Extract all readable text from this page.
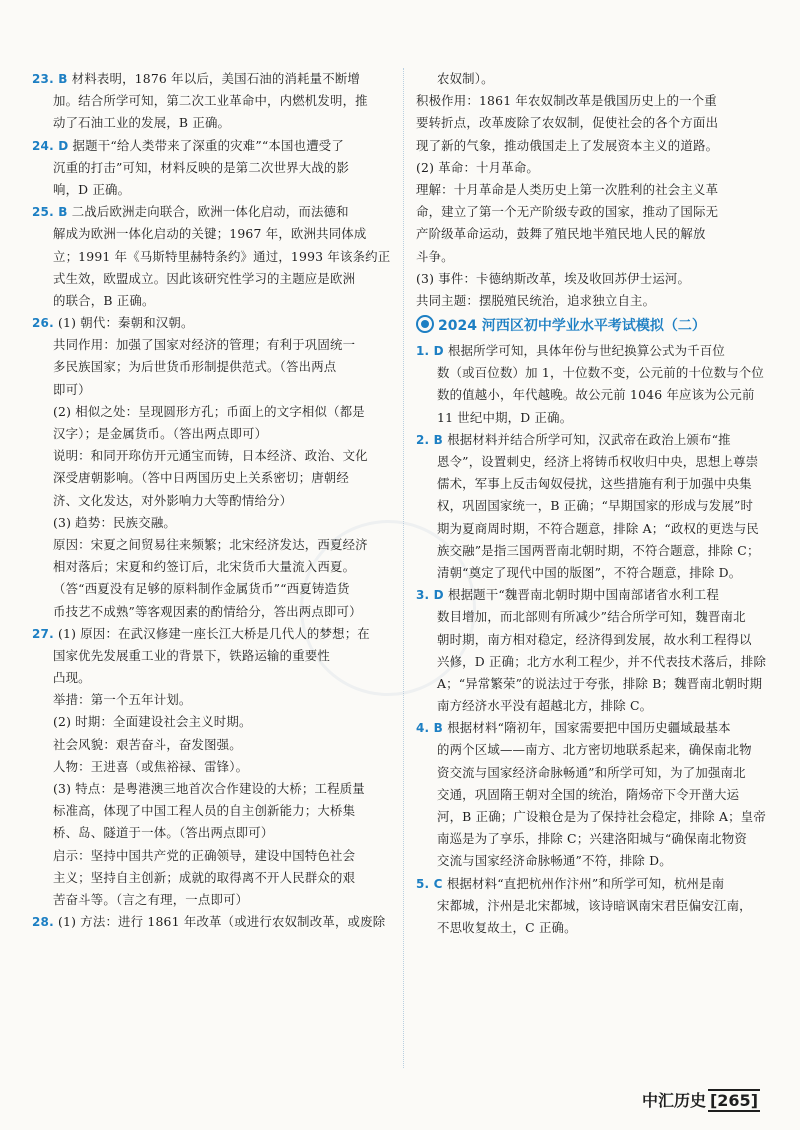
23. B 材料表明，1876 年以后，美国石油的消耗量不断增
加。结合所学可知，第二次工业革命中，内燃机发明，推
动了石油工业的发展，B 正确。
24. D 据题干“给人类带来了深重的灾难”“本国也遭受了
沉重的打击”可知，材料反映的是第二次世界大战的影
响，D 正确。
25. B 二战后欧洲走向联合，欧洲一体化启动，而法德和
解成为欧洲一体化启动的关键；1967 年，欧洲共同体成
立；1991 年《马斯特里赫特条约》通过，1993 年该条约正
式生效，欧盟成立。因此该研究性学习的主题应是欧洲
的联合，B 正确。
26. (1) 朝代：秦朝和汉朝。
共同作用：加强了国家对经济的管理；有利于巩固统一
多民族国家；为后世货币形制提供范式。（答出两点
即可）
(2) 相似之处：呈现圆形方孔；币面上的文字相似（都是
汉字）；是金属货币。（答出两点即可）
说明：和同开珎仿开元通宝而铸，日本经济、政治、文化
深受唐朝影响。（答中日两国历史上关系密切；唐朝经
济、文化发达，对外影响力大等酌情给分）
(3) 趋势：民族交融。
原因：宋夏之间贸易往来频繁；北宋经济发达，西夏经济
相对落后；宋夏和约签订后，北宋货币大量流入西夏。
（答“西夏没有足够的原料制作金属货币”“西夏铸造货
币技艺不成熟”等客观因素的酌情给分，答出两点即可）
27. (1) 原因：在武汉修建一座长江大桥是几代人的梦想；在
国家优先发展重工业的背景下，铁路运输的重要性
凸现。
举措：第一个五年计划。
(2) 时期：全面建设社会主义时期。
社会风貌：艰苦奋斗，奋发图强。
人物：王进喜（或焦裕禄、雷锋）。
(3) 特点：是粤港澳三地首次合作建设的大桥；工程质量
标准高，体现了中国工程人员的自主创新能力；大桥集
桥、岛、隧道于一体。（答出两点即可）
启示：坚持中国共产党的正确领导，建设中国特色社会
主义；坚持自主创新；成就的取得离不开人民群众的艰
苦奋斗等。（言之有理，一点即可）
28. (1) 方法：进行 1861 年改革（或进行农奴制改革，或废除
农奴制）。
积极作用：1861 年农奴制改革是俄国历史上的一个重
要转折点，改革废除了农奴制，促使社会的各个方面出
现了新的气象，推动俄国走上了发展资本主义的道路。
(2) 革命：十月革命。
理解：十月革命是人类历史上第一次胜利的社会主义革
命，建立了第一个无产阶级专政的国家，推动了国际无
产阶级革命运动，鼓舞了殖民地半殖民地人民的解放
斗争。
(3) 事件：卡德纳斯改革，埃及收回苏伊士运河。
共同主题：摆脱殖民统治，追求独立自主。
2024 河西区初中学业水平考试模拟（二）
1. D 根据所学可知，具体年份与世纪换算公式为千百位
数（或百位数）加 1，十位数不变，公元前的十位数与个位
数的值越小，年代越晚。故公元前 1046 年应该为公元前
11 世纪中期，D 正确。
2. B 根据材料并结合所学可知，汉武帝在政治上颁布“推
恩令”，设置刺史，经济上将铸币权收归中央，思想上尊崇
儒术，军事上反击匈奴侵扰，这些措施有利于加强中央集
权，巩固国家统一，B 正确；“早期国家的形成与发展”时
期为夏商周时期，不符合题意，排除 A；“政权的更迭与民
族交融”是指三国两晋南北朝时期，不符合题意，排除 C；
清朝“奠定了现代中国的版图”，不符合题意，排除 D。
3. D 根据题干“魏晋南北朝时期中国南部诸省水利工程
数目增加，而北部则有所减少”结合所学可知，魏晋南北
朝时期，南方相对稳定，经济得到发展，故水利工程得以
兴修，D 正确；北方水利工程少，并不代表技术落后，排除
A；“异常繁荣”的说法过于夸张，排除 B；魏晋南北朝时期
南方经济水平没有超越北方，排除 C。
4. B 根据材料“隋初年，国家需要把中国历史疆域最基本
的两个区域——南方、北方密切地联系起来，确保南北物
资交流与国家经济命脉畅通”和所学可知，为了加强南北
交通，巩固隋王朝对全国的统治，隋炀帝下令开凿大运
河，B 正确；广设粮仓是为了保持社会稳定，排除 A；皇帝
南巡是为了享乐，排除 C；兴建洛阳城与“确保南北物资
交流与国家经济命脉畅通”不符，排除 D。
5. C 根据材料“直把杭州作汴州”和所学可知，杭州是南
宋都城，汴州是北宋都城，该诗暗讽南宋君臣偏安江南，
不思收复故土，C 正确。
中汇历史 [265]
